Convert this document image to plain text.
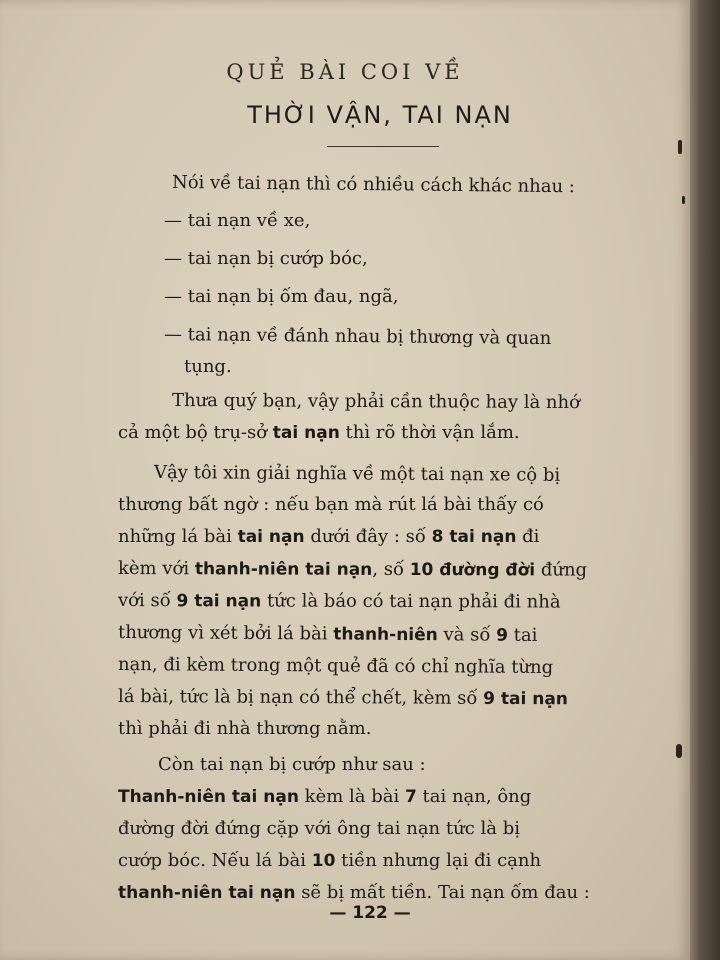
QUẺ BÀI COI VỀ
THỜI VẬN, TAI NẠN
Nói về tai nạn thì có nhiều cách khác nhau :
— tai nạn về xe,
— tai nạn bị cướp bóc,
— tai nạn bị ốm đau, ngã,
— tai nạn về đánh nhau bị thương và quan
tụng.
Thưa quý bạn, vậy phải cần thuộc hay là nhớ
cả một bộ trụ-sở tai nạn thì rõ thời vận lắm.
Vậy tôi xin giải nghĩa về một tai nạn xe cộ bị
thương bất ngờ : nếu bạn mà rút lá bài thấy có
những lá bài tai nạn dưới đây : số 8 tai nạn đi
kèm với thanh-niên tai nạn, số 10 đường đời đứng
với số 9 tai nạn tức là báo có tai nạn phải đi nhà
thương vì xét bởi lá bài thanh-niên và số 9 tai
nạn, đi kèm trong một quẻ đã có chỉ nghĩa từng
lá bài, tức là bị nạn có thể chết, kèm số 9 tai nạn
thì phải đi nhà thương nằm.
Còn tai nạn bị cướp như sau :
Thanh-niên tai nạn kèm là bài 7 tai nạn, ông
đường đời đứng cặp với ông tai nạn tức là bị
cướp bóc. Nếu lá bài 10 tiền nhưng lại đi cạnh
thanh-niên tai nạn sẽ bị mất tiền. Tai nạn ốm đau :
— 122 —
